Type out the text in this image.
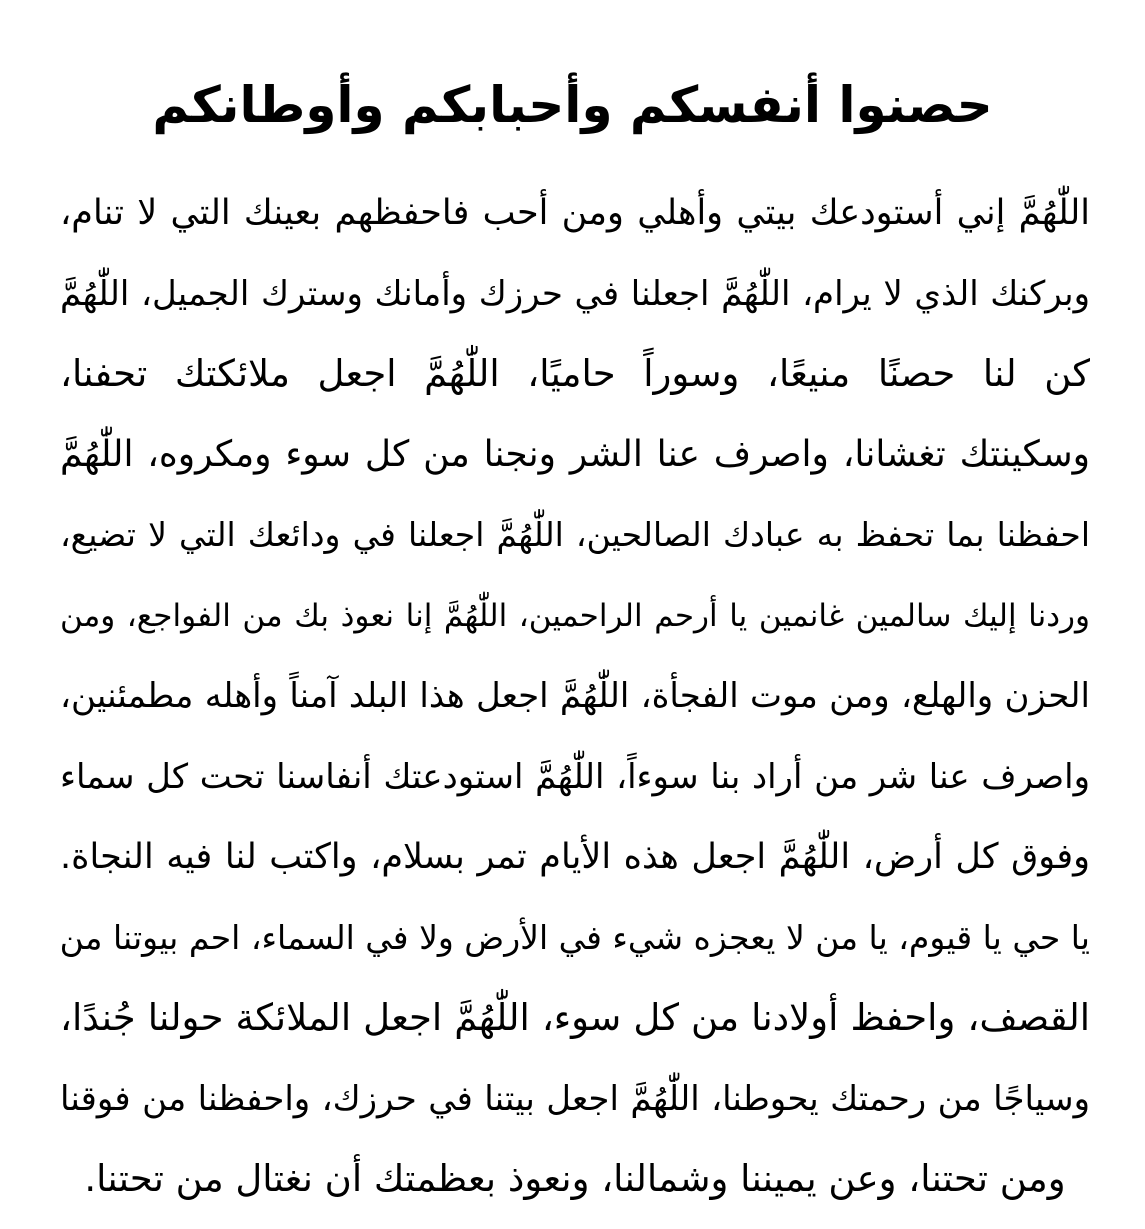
حصنوا أنفسكم وأحبابكم وأوطانكم
اللّٰهُمَّ إني أستودعك بيتي وأهلي ومن أحب فاحفظهم بعينك التي لا تنام،
وبركنك الذي لا يرام، اللّٰهُمَّ اجعلنا في حرزك وأمانك وسترك الجميل، اللّٰهُمَّ
كن لنا حصنًا منيعًا، وسوراً حاميًا، اللّٰهُمَّ اجعل ملائكتك تحفنا،
وسكينتك تغشانا، واصرف عنا الشر ونجنا من كل سوء ومكروه، اللّٰهُمَّ
احفظنا بما تحفظ به عبادك الصالحين، اللّٰهُمَّ اجعلنا في ودائعك التي لا تضيع،
وردنا إليك سالمين غانمين يا أرحم الراحمين، اللّٰهُمَّ إنا نعوذ بك من الفواجع، ومن
الحزن والهلع، ومن موت الفجأة، اللّٰهُمَّ اجعل هذا البلد آمناً وأهله مطمئنين،
واصرف عنا شر من أراد بنا سوءاً، اللّٰهُمَّ استودعتك أنفاسنا تحت كل سماء
وفوق كل أرض، اللّٰهُمَّ اجعل هذه الأيام تمر بسلام، واكتب لنا فيه النجاة.
يا حي يا قيوم، يا من لا يعجزه شيء في الأرض ولا في السماء، احم بيوتنا من
القصف، واحفظ أولادنا من كل سوء، اللّٰهُمَّ اجعل الملائكة حولنا جُندًا،
وسياجًا من رحمتك يحوطنا، اللّٰهُمَّ اجعل بيتنا في حرزك، واحفظنا من فوقنا
ومن تحتنا، وعن يميننا وشمالنا، ونعوذ بعظمتك أن نغتال من تحتنا.
